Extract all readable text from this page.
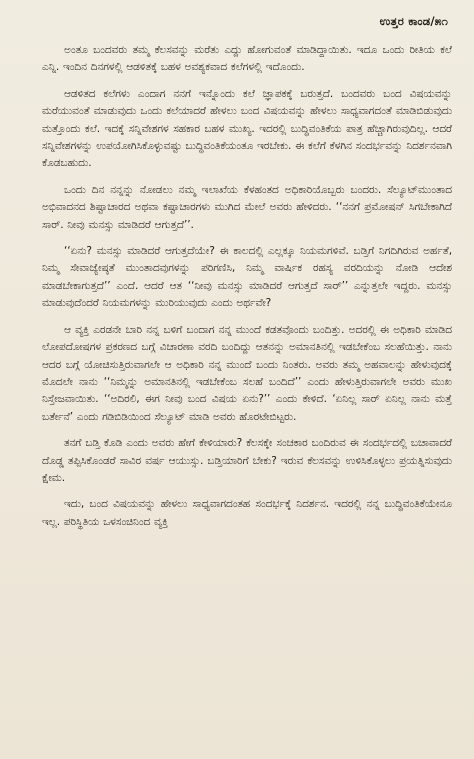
ಉತ್ತರ ಕಾಂಡ/೫೧

ಅಂತೂ ಬಂದವರು ತಮ್ಮ ಕೆಲಸವನ್ನು ಮರೆತು ಎದ್ದು ಹೋಗುವಂತೆ ಮಾಡಿದ್ದಾಯಿತು. ಇದೂ ಒಂದು ರೀತಿಯ ಕಲೆ ಎನ್ನಿ. ಇಂದಿನ ದಿನಗಳಲ್ಲಿ ಆಡಳಿತಕ್ಕೆ ಬಹಳ ಅವಶ್ಯಕವಾದ ಕಲೆಗಳಲ್ಲಿ ಇದೊಂದು.

ಆಡಳಿತದ ಕಲೆಗಳು ಎಂದಾಗ ನನಗೆ ಇನ್ನೊಂದು ಕಲೆ ಜ್ಞಾಪಕಕ್ಕೆ ಬರುತ್ತದೆ. ಬಂದವರು ಬಂದ ವಿಷಯವನ್ನು ಮರೆಯುವಂತೆ ಮಾಡುವುದು ಒಂದು ಕಲೆಯಾದರೆ ಹೇಳಲು ಬಂದ ವಿಷಯವನ್ನು ಹೇಳಲು ಸಾಧ್ಯವಾಗದಂತೆ ಮಾಡಿಬಿಡುವುದು ಮತ್ತೊಂದು ಕಲೆ. ಇದಕ್ಕೆ ಸನ್ನಿವೇಶಗಳ ಸಹಕಾರ ಬಹಳ ಮುಖ್ಯ. ಇದರಲ್ಲಿ ಬುದ್ಧಿವಂತಿಕೆಯ ಪಾತ್ರ ಹೆಚ್ಚಾಗಿರುವುದಿಲ್ಲ. ಆದರೆ ಸನ್ನಿವೇಶಗಳನ್ನು ಉಪಯೋಗಿಸಿಕೊಳ್ಳುವಷ್ಟು ಬುದ್ಧಿವಂತಿಕೆಯಂತೂ ಇರಬೇಕು. ಈ ಕಲೆಗೆ ಕೆಳಗಿನ ಸಂದರ್ಭವನ್ನು ನಿದರ್ಶನವಾಗಿ ಕೊಡಬಹುದು.

ಒಂದು ದಿನ ನನ್ನನ್ನು ನೋಡಲು ನಮ್ಮ ಇಲಾಖೆಯ ಕೆಳಹಂತದ ಅಧಿಕಾರಿಯೊಬ್ಬರು ಬಂದರು. ಸೆಲ್ಯೂಟ್‌ಮುಂತಾದ ಅಭಿವಾದನದ ಶಿಷ್ಟಾಚಾರದ ಅಥವಾ ಕಷ್ಟಾಚಾರಗಳು ಮುಗಿದ ಮೇಲೆ ಅವರು ಹೇಳಿದರು. ‘‘ನನಗೆ ಪ್ರಮೋಷನ್ ಸಿಗಬೇಕಾಗಿದೆ ಸಾರ್. ನೀವು ಮನಸ್ಸು ಮಾಡಿದರೆ ಆಗುತ್ತದೆ’’.

‘‘ಏನು? ಮನಸ್ಸು ಮಾಡಿದರೆ ಆಗುತ್ತದೆಯೇ? ಈ ಕಾಲದಲ್ಲಿ ಎಲ್ಲಕ್ಕೂ ನಿಯಮಗಳಿವೆ. ಬಡ್ತಿಗೆ ನಿಗದಿಗಿರುವ ಅರ್ಹತೆ, ನಿಮ್ಮ ಸೇವಾಜ್ಯೇಷ್ಠತೆ ಮುಂತಾದವುಗಳನ್ನು ಪರಿಗಣಿಸಿ, ನಿಮ್ಮ ವಾರ್ಷಿಕ ರಹಸ್ಯ ವರದಿಯನ್ನು ನೋಡಿ ಆದೇಶ ಮಾಡಬೇಕಾಗುತ್ತದೆ’’ ಎಂದೆ. ಆದರೆ ಆತ ‘‘ನೀವು ಮನಸ್ಸು ಮಾಡಿದರೆ ಆಗುತ್ತದೆ ಸಾರ್’’ ಎನ್ನುತ್ತಲೇ ಇದ್ದರು. ಮನಸ್ಸು ಮಾಡುವುದೆಂದರೆ ನಿಯಮಗಳನ್ನು ಮುರಿಯುವುದು ಎಂದು ಅರ್ಥವೇ?

ಆ ವ್ಯಕ್ತಿ ಎರಡನೇ ಬಾರಿ ನನ್ನ ಬಳಿಗೆ ಬಂದಾಗ ನನ್ನ ಮುಂದೆ ಕಡತವೊಂದು ಬಂದಿತ್ತು. ಅದರಲ್ಲಿ ಈ ಅಧಿಕಾರಿ ಮಾಡಿದ ಲೋಪದೋಷಗಳ ಪ್ರಕರಣದ ಬಗ್ಗೆ ವಿಚಾರಣಾ ವರದಿ ಬಂದಿದ್ದು ಆತನನ್ನು ಅಮಾನತಿನಲ್ಲಿ ಇಡಬೇಕೆಂಬ ಸಲಹೆಯಿತ್ತು. ನಾನು ಆದರ ಬಗ್ಗೆ ಯೋಚಿಸುತ್ತಿರುವಾಗಲೇ ಆ ಅಧಿಕಾರಿ ನನ್ನ ಮುಂದೆ ಬಂದು ನಿಂತರು. ಅವರು ತಮ್ಮ ಅಹವಾಲನ್ನು ಹೇಳುವುದಕ್ಕೆ ಮೊದಲೇ ನಾನು ‘‘ನಿಮ್ಮನ್ನು ಅಮಾನತಿನಲ್ಲಿ ಇಡಬೇಕೆಂಬ ಸಲಹೆ ಬಂದಿದೆ’’ ಎಂದು ಹೇಳುತ್ತಿರುವಾಗಲೇ ಅವರು ಮುಖ ನಿಸ್ತೇಜವಾಯಿತು. ‘‘ಅದಿರಲಿ, ಈಗ ನೀವು ಬಂದ ವಿಷಯ ಏನು?’’ ಎಂದು ಕೇಳಿದೆ. ‘ಏನಿಲ್ಲ ಸಾರ್ ಏನಿಲ್ಲ ನಾನು ಮತ್ತೆ ಬರ್ತೇನೆ’ ಎಂದು ಗಡಿಬಿಡಿಯಿಂದ ಸೆಲ್ಯೂಟ್ ಮಾಡಿ ಅವರು ಹೊರಟೇಬಿಟ್ಟರು.

ತನಗೆ ಬಡ್ತಿ ಕೊಡಿ ಎಂದು ಅವರು ಹೇಗೆ ಕೇಳಿಯಾರು? ಕೆಲಸಕ್ಕೇ ಸಂಚಕಾರ ಬಂದಿರುವ ಈ ಸಂದರ್ಭದಲ್ಲಿ ಬಚಾವಾದರೆ ದೊಡ್ಡ ತಪ್ಪಿಸಿಕೊಂಡರೆ ಸಾವಿರ ವರ್ಷ ಆಯುಸ್ಸು. ಬಡ್ತಿಯಾರಿಗೆ ಬೇಕು? ಇರುವ ಕೆಲಸವನ್ನು ಉಳಿಸಿಕೊಳ್ಳಲು ಪ್ರಯತ್ನಿಸುವುದು ಕ್ಷೇಮ.

ಇದು, ಬಂದ ವಿಷಯವನ್ನು ಹೇಳಲು ಸಾಧ್ಯವಾಗದಂತಹ ಸಂದರ್ಭಕ್ಕೆ ನಿದರ್ಶನ. ಇದರಲ್ಲಿ ನನ್ನ ಬುದ್ಧಿವಂತಿಕೆಯೇನೂ ಇಲ್ಲ. ಪರಿಸ್ಥಿತಿಯ ಒಳಸಂಚಿನಿಂದ ವ್ಯಕ್ತಿ
